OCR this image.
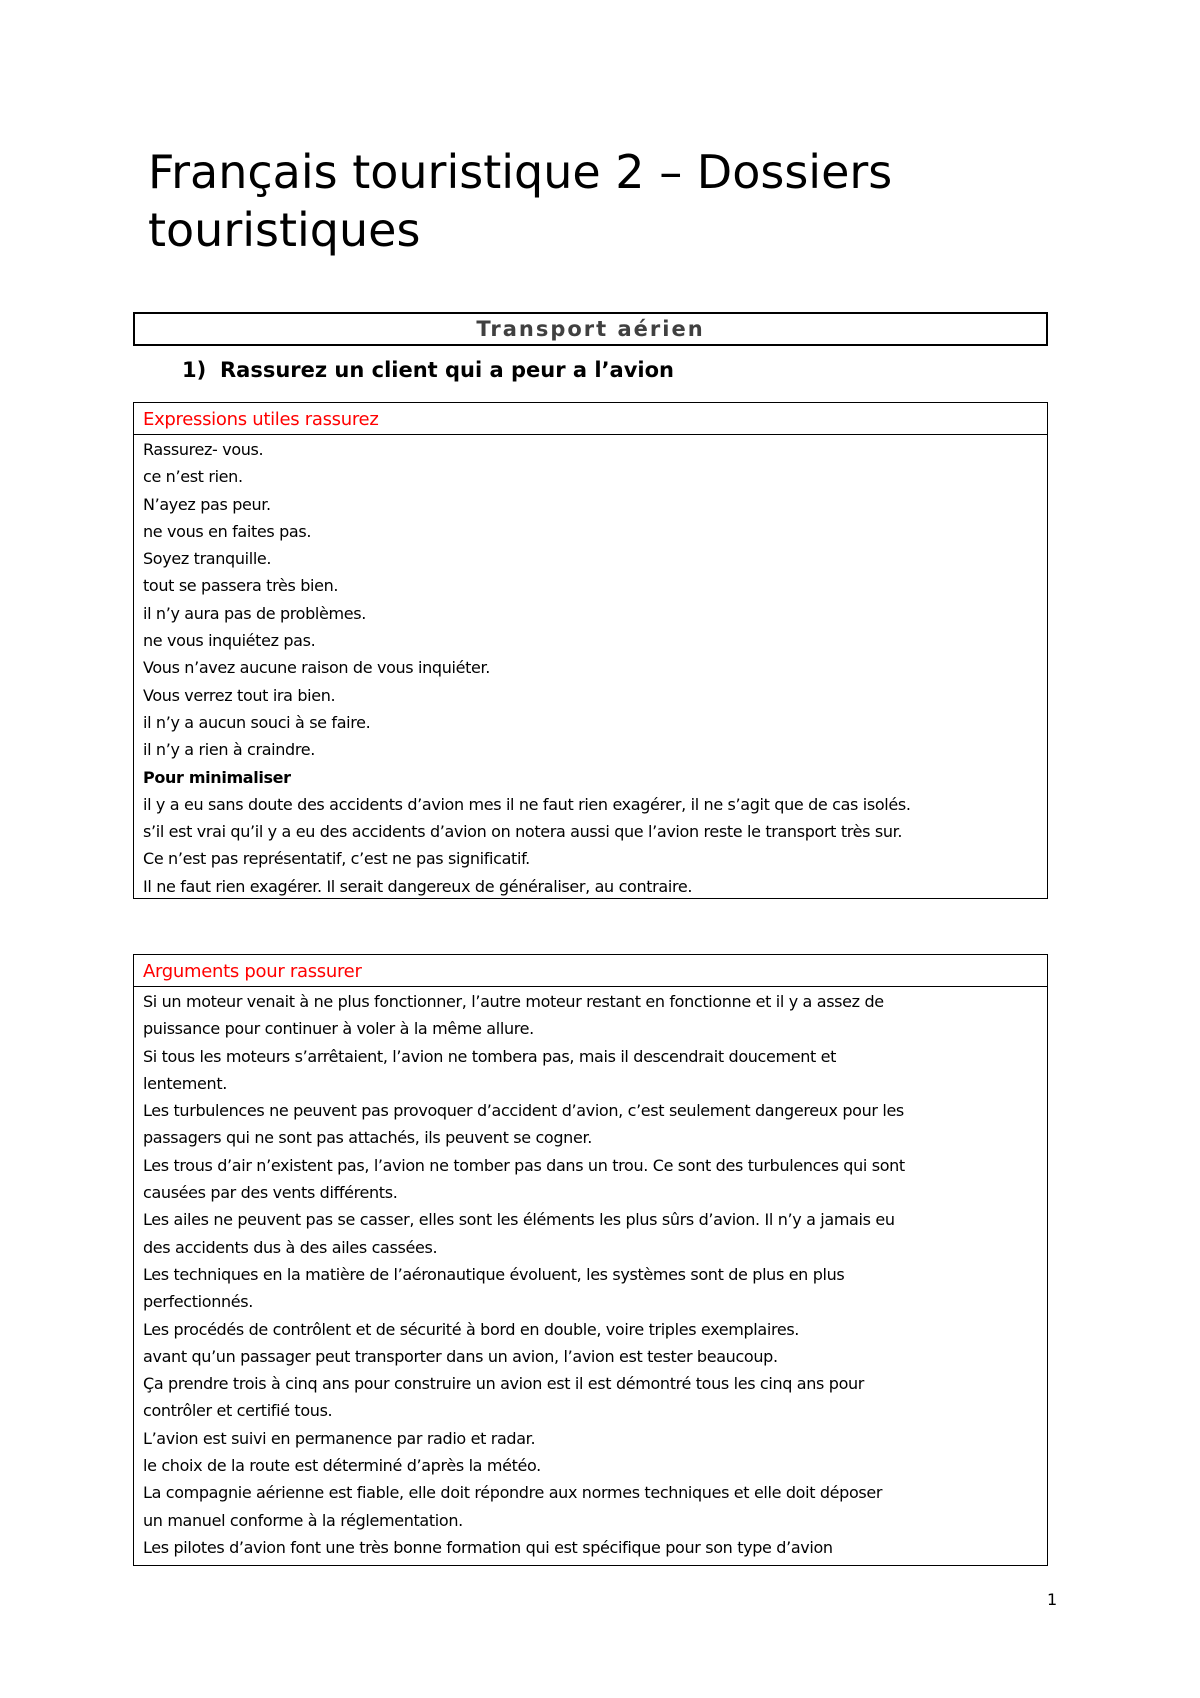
Français touristique 2 – Dossiers touristiques
Transport aérien

1) Rassurez un client qui a peur a l’avion

Expressions utiles rassurez
Rassurez- vous.
ce n’est rien.
N’ayez pas peur.
ne vous en faites pas.
Soyez tranquille.
tout se passera très bien.
il n’y aura pas de problèmes.
ne vous inquiétez pas.
Vous n’avez aucune raison de vous inquiéter.
Vous verrez tout ira bien.
il n’y a aucun souci à se faire.
il n’y a rien à craindre.
Pour minimaliser
il y a eu sans doute des accidents d’avion mes il ne faut rien exagérer, il ne s’agit que de cas isolés.
s’il est vrai qu’il y a eu des accidents d’avion on notera aussi que l’avion reste le transport très sur.
Ce n’est pas représentatif, c’est ne pas significatif.
Il ne faut rien exagérer. Il serait dangereux de généraliser, au contraire.
Arguments pour rassurer
Si un moteur venait à ne plus fonctionner, l’autre moteur restant en fonctionne et il y a assez de
puissance pour continuer à voler à la même allure.
Si tous les moteurs s’arrêtaient, l’avion ne tombera pas, mais il descendrait doucement et
lentement.
Les turbulences ne peuvent pas provoquer d’accident d’avion, c’est seulement dangereux pour les
passagers qui ne sont pas attachés, ils peuvent se cogner.
Les trous d’air n’existent pas, l’avion ne tomber pas dans un trou. Ce sont des turbulences qui sont
causées par des vents différents.
Les ailes ne peuvent pas se casser, elles sont les éléments les plus sûrs d’avion. Il n’y a jamais eu
des accidents dus à des ailes cassées.
Les techniques en la matière de l’aéronautique évoluent, les systèmes sont de plus en plus
perfectionnés.
Les procédés de contrôlent et de sécurité à bord en double, voire triples exemplaires.
avant qu’un passager peut transporter dans un avion, l’avion est tester beaucoup.
Ça prendre trois à cinq ans pour construire un avion est il est démontré tous les cinq ans pour
contrôler et certifié tous.
L’avion est suivi en permanence par radio et radar.
le choix de la route est déterminé d’après la météo.
La compagnie aérienne est fiable, elle doit répondre aux normes techniques et elle doit déposer
un manuel conforme à la réglementation.
Les pilotes d’avion font une très bonne formation qui est spécifique pour son type d’avion
1
